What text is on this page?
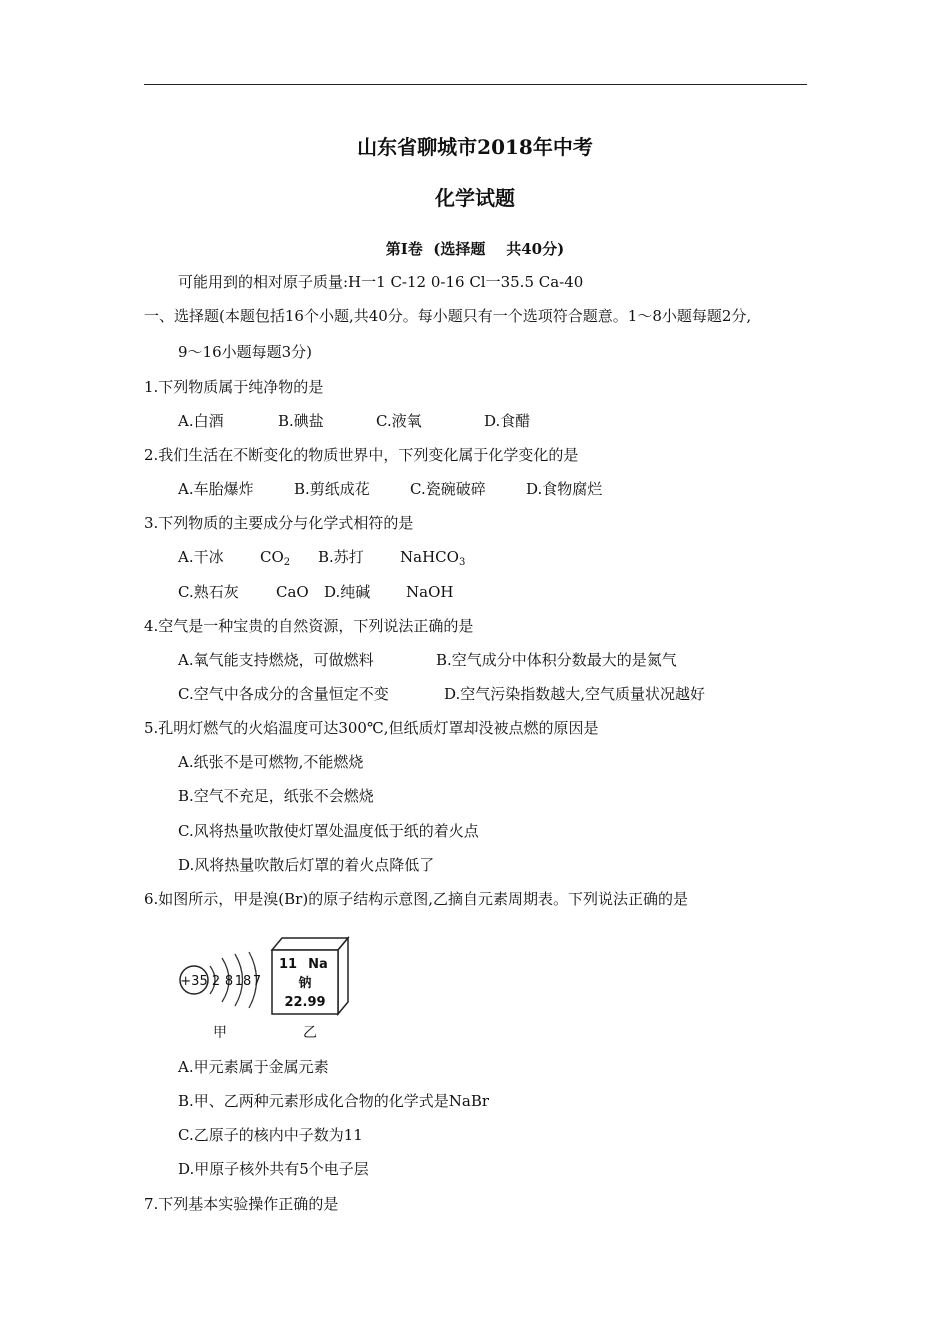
山东省聊城市2018年中考
化学试题
第I卷  (选择题    共40分)
可能用到的相对原子质量:H一1 C-12 0-16 Cl一35.5 Ca-40
一、选择题(本题包括16个小题,共40分。每小题只有一个选项符合题意。1～8小题每题2分,
9～16小题每题3分)
1.下列物质属于纯净物的是
A.白酒	B.碘盐	C.液氧	D.食醋
2.我们生活在不断变化的物质世界中，下列变化属于化学变化的是
A.车胎爆炸	B.剪纸成花	C.瓷碗破碎	D.食物腐烂
3.下列物质的主要成分与化学式相符的是
A.干冰 $CO_2$ B.苏打 NaHCO$_3$
C.熟石灰 CaO D.纯碱 NaOH
4.空气是一种宝贵的自然资源，下列说法正确的是
A.氧气能支持燃烧，可做燃料	B.空气成分中体积分数最大的是氮气
C.空气中各成分的含量恒定不变	D.空气污染指数越大,空气质量状况越好
5.孔明灯燃气的火焰温度可达300℃,但纸质灯罩却没被点燃的原因是
A.纸张不是可燃物,不能燃烧
B.空气不充足，纸张不会燃烧
C.风将热量吹散使灯罩处温度低于纸的着火点
D.风将热量吹散后灯罩的着火点降低了
6.如图所示，甲是溴(Br)的原子结构示意图,乙摘自元素周期表。下列说法正确的是
+35 2 8 18 7
甲
11 Na
钠
22.99
乙
A.甲元素属于金属元素
B.甲、乙两种元素形成化合物的化学式是NaBr
C.乙原子的核内中子数为11
D.甲原子核外共有5个电子层
7.下列基本实验操作正确的是
